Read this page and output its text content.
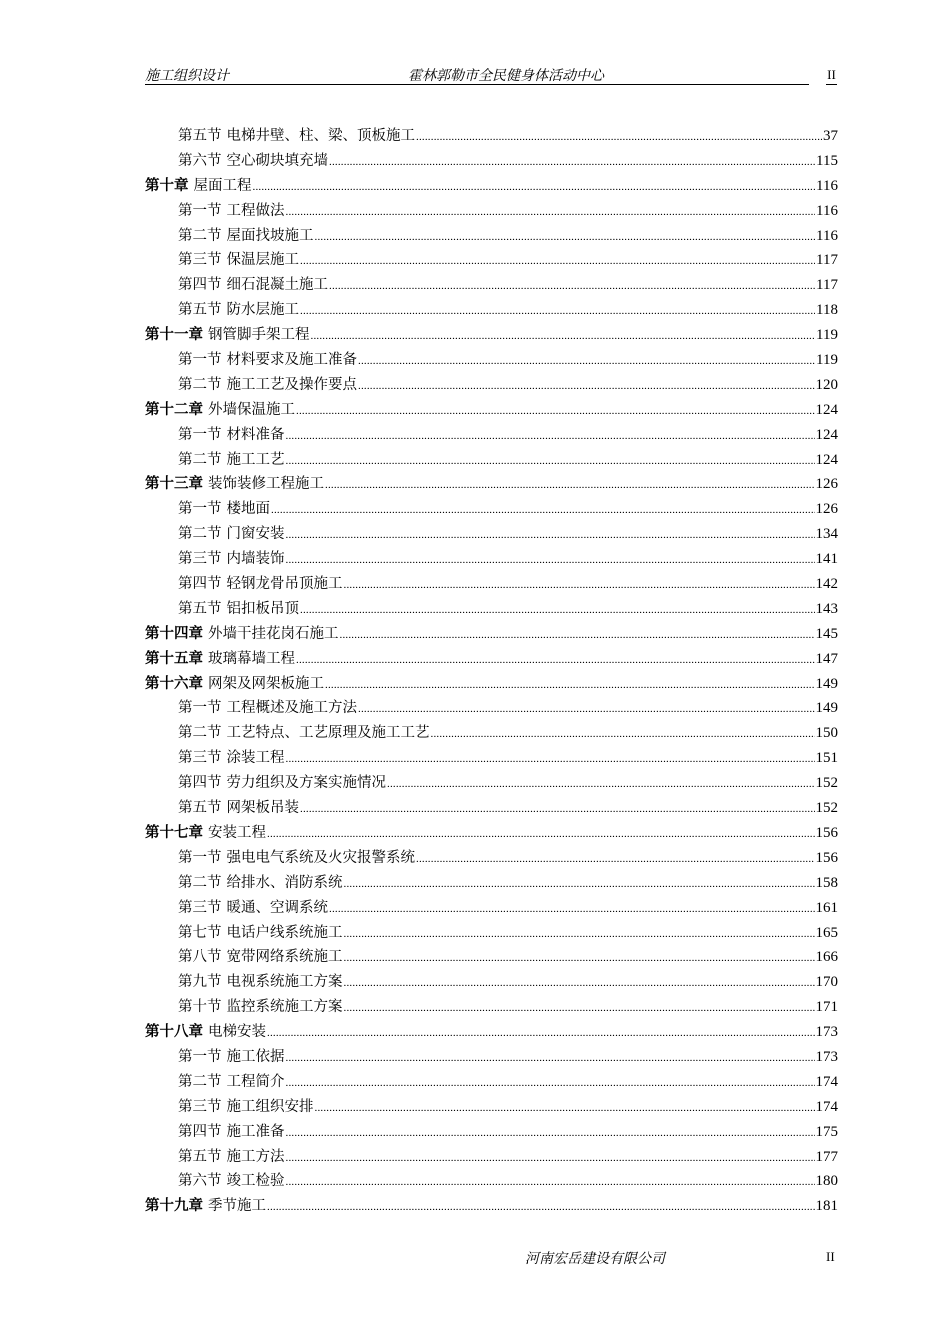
施工组织设计	霍林郭勒市全民健身体活动中心	II
第五节 电梯井壁、柱、梁、顶板施工 .....	37
第六节 空心砌块填充墙 .....	115
第十章 屋面工程 .....	116
第一节 工程做法 .....	116
第二节 屋面找坡施工 .....	116
第三节 保温层施工 .....	117
第四节 细石混凝土施工 .....	117
第五节 防水层施工 .....	118
第十一章 钢管脚手架工程 .....	119
第一节 材料要求及施工准备 .....	119
第二节 施工工艺及操作要点 .....	120
第十二章 外墙保温施工 .....	124
第一节 材料准备 .....	124
第二节 施工工艺 .....	124
第十三章 装饰装修工程施工 .....	126
第一节 楼地面 .....	126
第二节 门窗安装 .....	134
第三节 内墙装饰 .....	141
第四节 轻钢龙骨吊顶施工 .....	142
第五节 铝扣板吊顶 .....	143
第十四章 外墙干挂花岗石施工 .....	145
第十五章 玻璃幕墙工程 .....	147
第十六章 网架及网架板施工 .....	149
第一节 工程概述及施工方法 .....	149
第二节 工艺特点、工艺原理及施工工艺 .....	150
第三节 涂装工程 .....	151
第四节 劳力组织及方案实施情况 .....	152
第五节 网架板吊装 .....	152
第十七章 安装工程 .....	156
第一节 强电电气系统及火灾报警系统 .....	156
第二节 给排水、消防系统 .....	158
第三节 暖通、空调系统 .....	161
第七节 电话户线系统施工 .....	165
第八节 宽带网络系统施工 .....	166
第九节 电视系统施工方案 .....	170
第十节 监控系统施工方案 .....	171
第十八章 电梯安装 .....	173
第一节 施工依据 .....	173
第二节 工程简介 .....	174
第三节 施工组织安排 .....	174
第四节 施工准备 .....	175
第五节 施工方法 .....	177
第六节 竣工检验 .....	180
第十九章 季节施工 .....	181
河南宏岳建设有限公司	II
